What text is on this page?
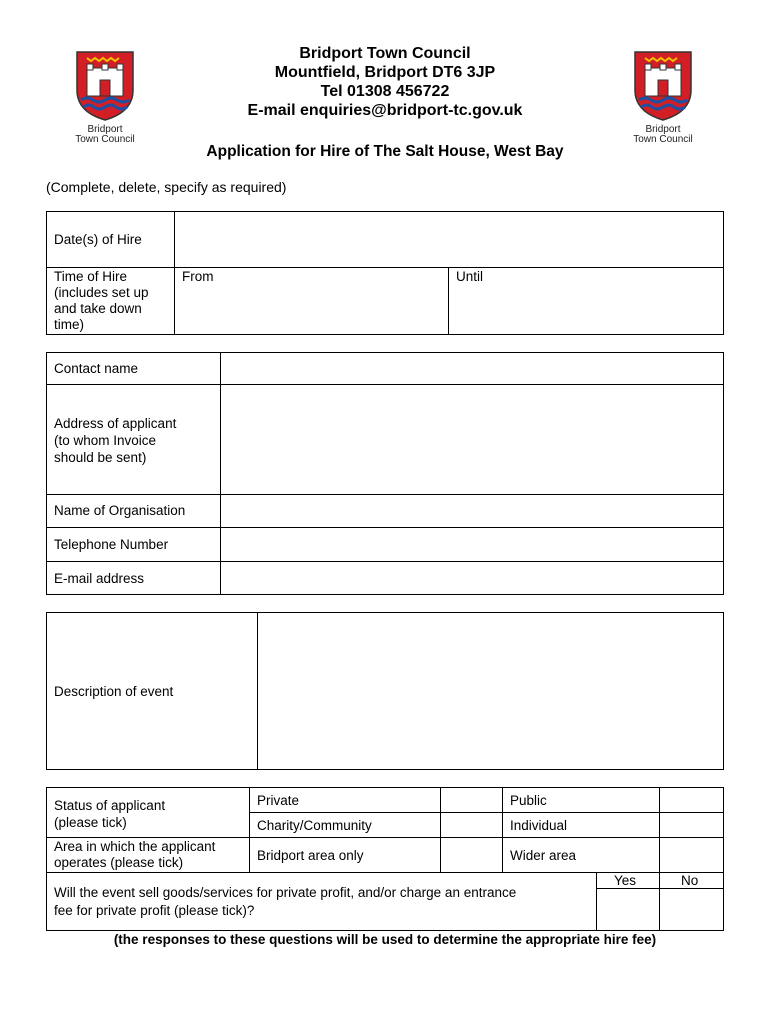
Bridport
Town Council
Bridport
Town Council
Bridport Town Council
Mountfield, Bridport DT6 3JP
Tel 01308 456722
E-mail enquiries@bridport-tc.gov.uk
Application for Hire of The Salt House, West Bay
(Complete, delete, specify as required)
Date(s) of Hire
Time of Hire
(includes set up
and take down
time)
From	Until
Contact name
Address of applicant
(to whom Invoice
should be sent)
Name of Organisation
Telephone Number
E-mail address
Description of event
Status of applicant
(please tick)
Private	Public
Charity/Community	Individual
Area in which the applicant
operates (please tick)	Bridport area only	Wider area
Will the event sell goods/services for private profit, and/or charge an entrance
fee for private profit (please tick)?
Yes	No
(the responses to these questions will be used to determine the appropriate hire fee)
